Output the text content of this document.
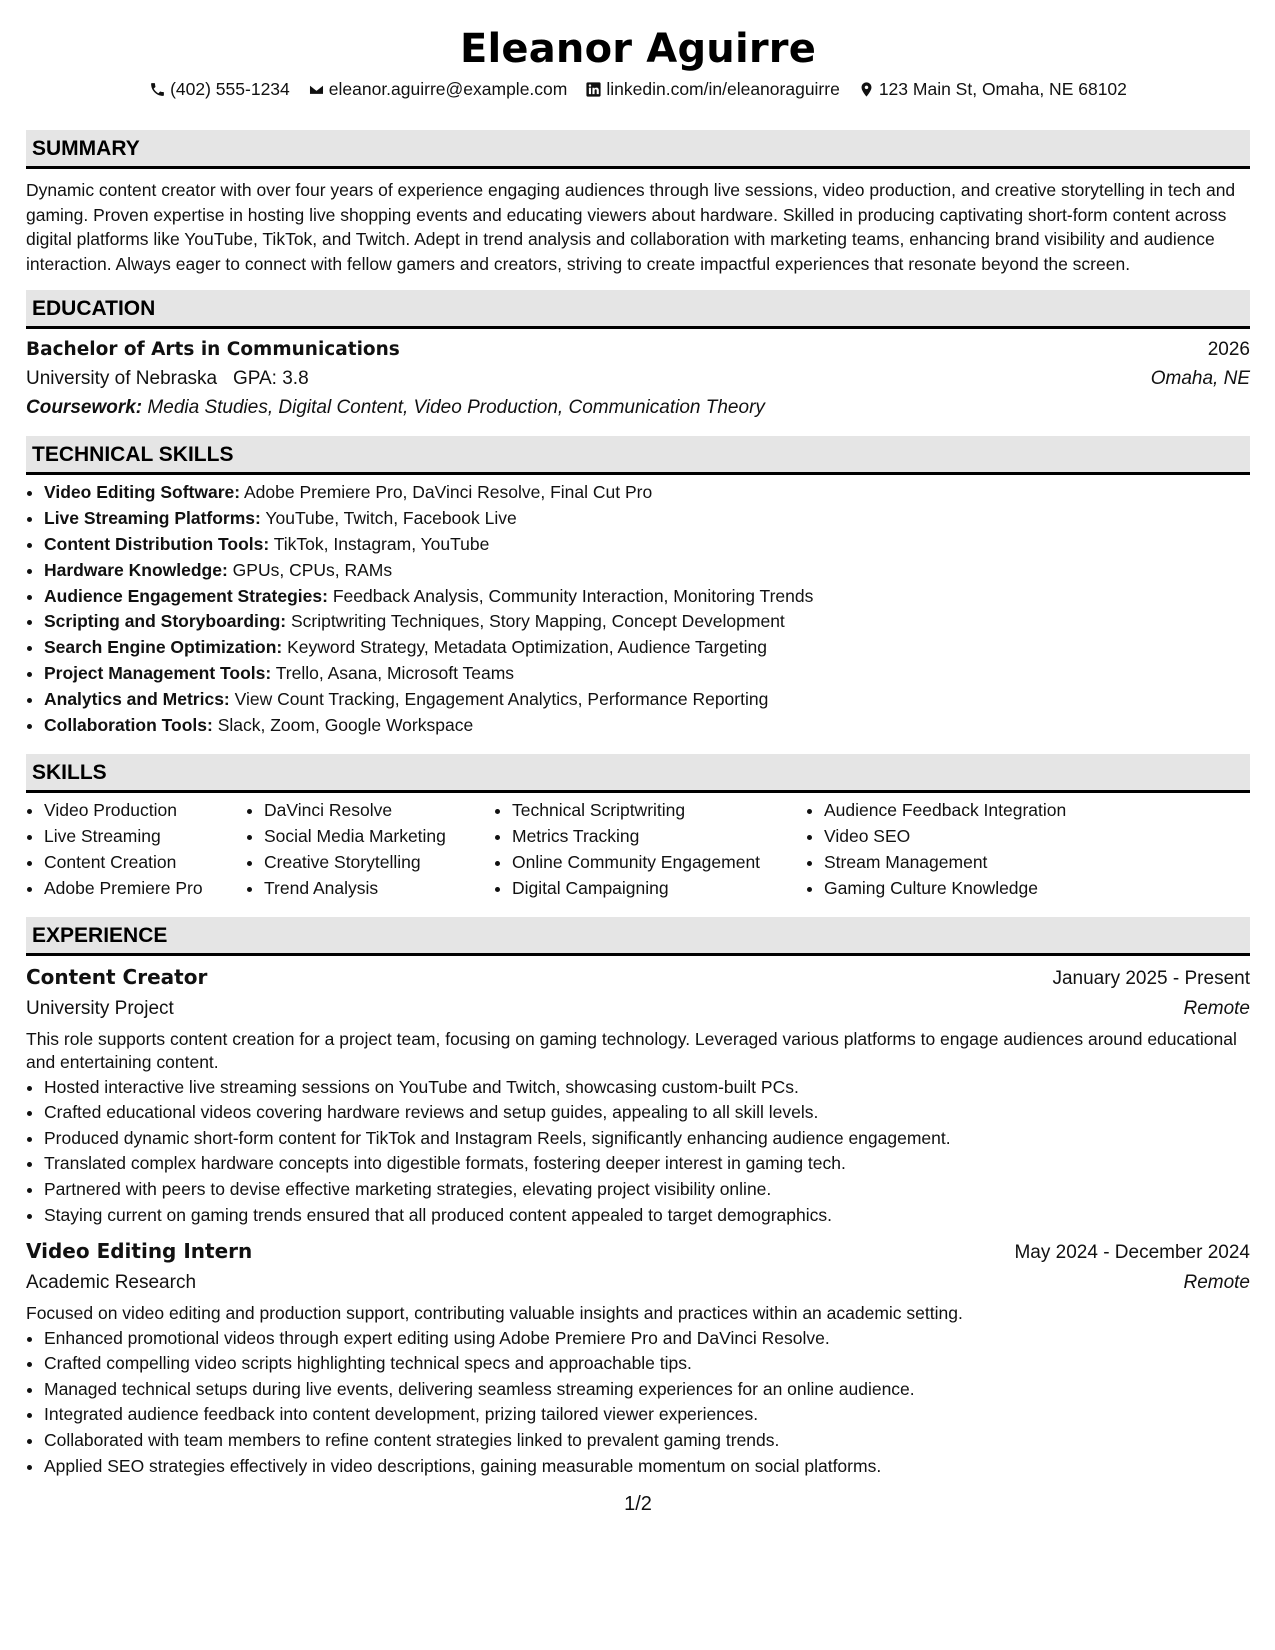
Eleanor Aguirre
(402) 555-1234 eleanor.aguirre@example.com linkedin.com/in/eleanoraguirre 123 Main St, Omaha, NE 68102
SUMMARY

Dynamic content creator with over four years of experience engaging audiences through live sessions, video production, and creative storytelling in tech and gaming. Proven expertise in hosting live shopping events and educating viewers about hardware. Skilled in producing captivating short-form content across digital platforms like YouTube, TikTok, and Twitch. Adept in trend analysis and collaboration with marketing teams, enhancing brand visibility and audience interaction. Always eager to connect with fellow gamers and creators, striving to create impactful experiences that resonate beyond the screen.

EDUCATION
Bachelor of Arts in Communications	2026
University of Nebraska GPA: 3.8	Omaha, NE
Coursework: Media Studies, Digital Content, Video Production, Communication Theory
TECHNICAL SKILLS
• Video Editing Software: Adobe Premiere Pro, DaVinci Resolve, Final Cut Pro
• Live Streaming Platforms: YouTube, Twitch, Facebook Live
• Content Distribution Tools: TikTok, Instagram, YouTube
• Hardware Knowledge: GPUs, CPUs, RAMs
• Audience Engagement Strategies: Feedback Analysis, Community Interaction, Monitoring Trends
• Scripting and Storyboarding: Scriptwriting Techniques, Story Mapping, Concept Development
• Search Engine Optimization: Keyword Strategy, Metadata Optimization, Audience Targeting
• Project Management Tools: Trello, Asana, Microsoft Teams
• Analytics and Metrics: View Count Tracking, Engagement Analytics, Performance Reporting
• Collaboration Tools: Slack, Zoom, Google Workspace
SKILLS
• Video Production
• Live Streaming
• Content Creation
• Adobe Premiere Pro
• DaVinci Resolve
• Social Media Marketing
• Creative Storytelling
• Trend Analysis
• Technical Scriptwriting
• Metrics Tracking
• Online Community Engagement
• Digital Campaigning
• Audience Feedback Integration
• Video SEO
• Stream Management
• Gaming Culture Knowledge
EXPERIENCE
Content Creator	January 2025 - Present
University Project	Remote
This role supports content creation for a project team, focusing on gaming technology. Leveraged various platforms to engage audiences around educational and entertaining content.
• Hosted interactive live streaming sessions on YouTube and Twitch, showcasing custom-built PCs.
• Crafted educational videos covering hardware reviews and setup guides, appealing to all skill levels.
• Produced dynamic short-form content for TikTok and Instagram Reels, significantly enhancing audience engagement.
• Translated complex hardware concepts into digestible formats, fostering deeper interest in gaming tech.
• Partnered with peers to devise effective marketing strategies, elevating project visibility online.
• Staying current on gaming trends ensured that all produced content appealed to target demographics.
Video Editing Intern	May 2024 - December 2024
Academic Research	Remote
Focused on video editing and production support, contributing valuable insights and practices within an academic setting.
• Enhanced promotional videos through expert editing using Adobe Premiere Pro and DaVinci Resolve.
• Crafted compelling video scripts highlighting technical specs and approachable tips.
• Managed technical setups during live events, delivering seamless streaming experiences for an online audience.
• Integrated audience feedback into content development, prizing tailored viewer experiences.
• Collaborated with team members to refine content strategies linked to prevalent gaming trends.
• Applied SEO strategies effectively in video descriptions, gaining measurable momentum on social platforms.
1/2
